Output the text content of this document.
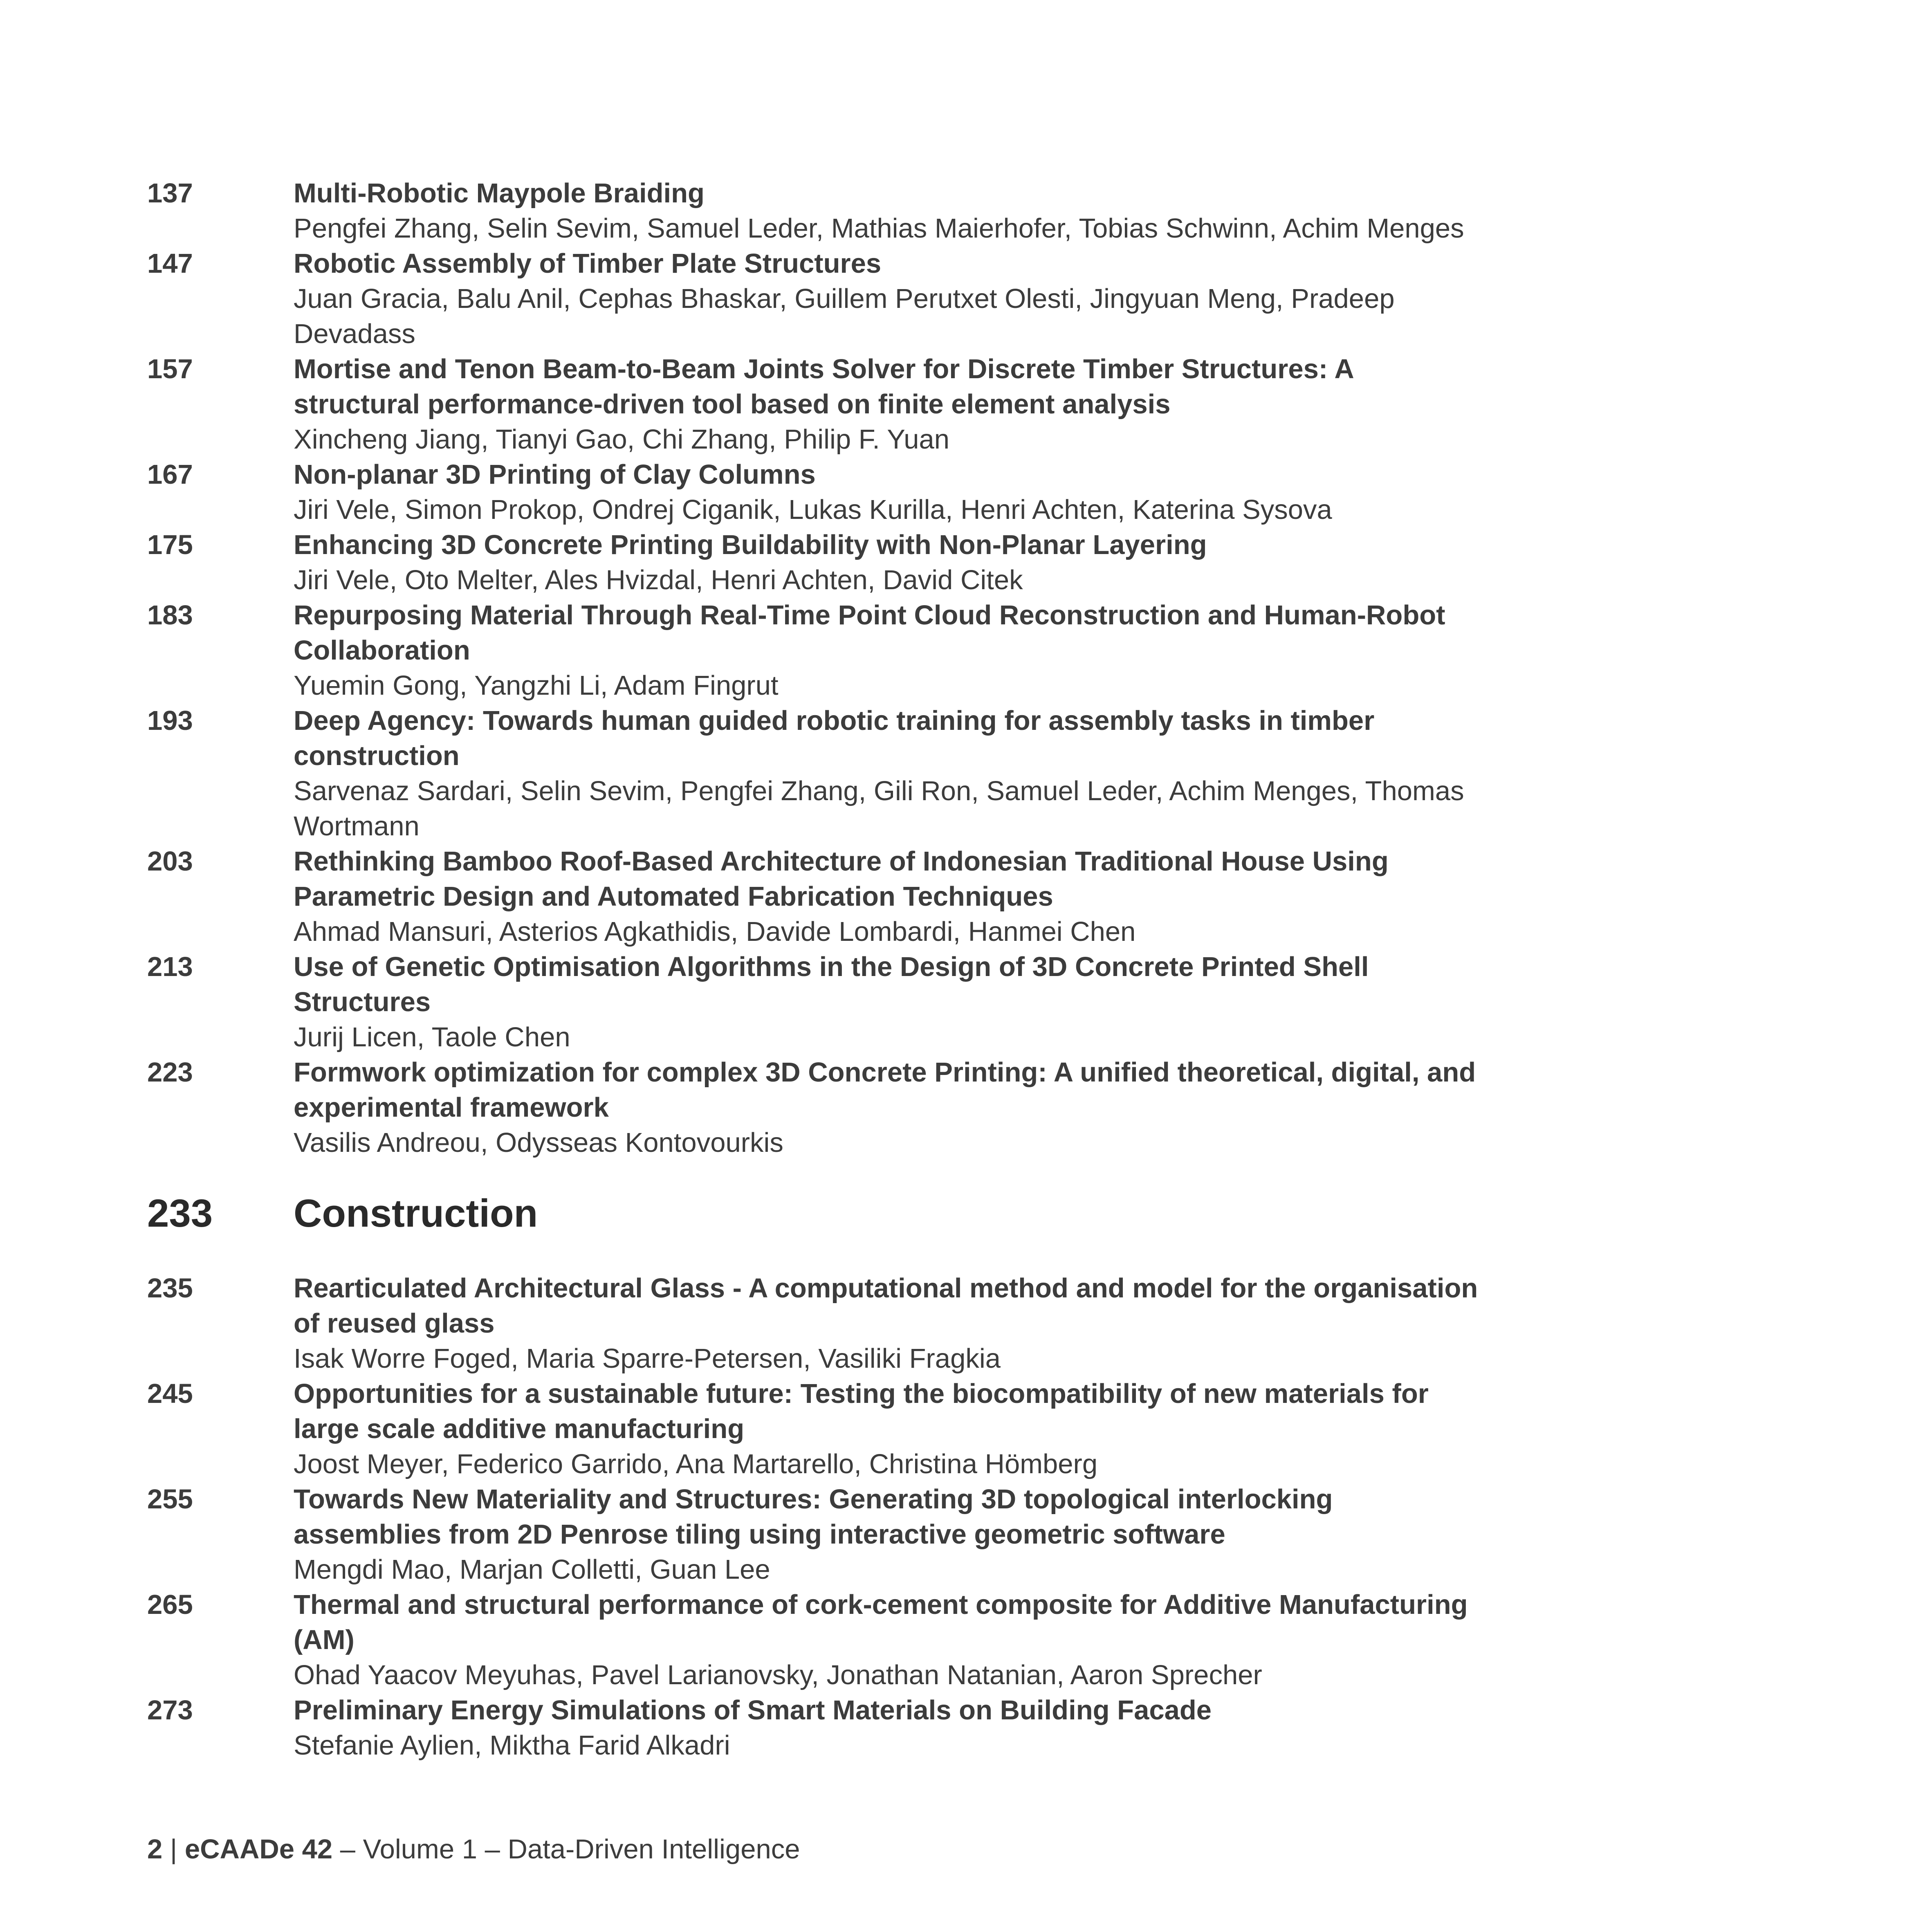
137	Multi-Robotic Maypole Braiding
Pengfei Zhang, Selin Sevim, Samuel Leder, Mathias Maierhofer, Tobias Schwinn, Achim Menges
147	Robotic Assembly of Timber Plate Structures
Juan Gracia, Balu Anil, Cephas Bhaskar, Guillem Perutxet Olesti, Jingyuan Meng, Pradeep Devadass
157	Mortise and Tenon Beam-to-Beam Joints Solver for Discrete Timber Structures: A structural performance-driven tool based on finite element analysis
Xincheng Jiang, Tianyi Gao, Chi Zhang, Philip F. Yuan
167	Non-planar 3D Printing of Clay Columns
Jiri Vele, Simon Prokop, Ondrej Ciganik, Lukas Kurilla, Henri Achten, Katerina Sysova
175	Enhancing 3D Concrete Printing Buildability with Non-Planar Layering
Jiri Vele, Oto Melter, Ales Hvizdal, Henri Achten, David Citek
183	Repurposing Material Through Real-Time Point Cloud Reconstruction and Human-Robot Collaboration
Yuemin Gong, Yangzhi Li, Adam Fingrut
193	Deep Agency: Towards human guided robotic training for assembly tasks in timber construction
Sarvenaz Sardari, Selin Sevim, Pengfei Zhang, Gili Ron, Samuel Leder, Achim Menges, Thomas Wortmann
203	Rethinking Bamboo Roof-Based Architecture of Indonesian Traditional House Using Parametric Design and Automated Fabrication Techniques
Ahmad Mansuri, Asterios Agkathidis, Davide Lombardi, Hanmei Chen
213	Use of Genetic Optimisation Algorithms in the Design of 3D Concrete Printed Shell Structures
Jurij Licen, Taole Chen
223	Formwork optimization for complex 3D Concrete Printing: A unified theoretical, digital, and experimental framework
Vasilis Andreou, Odysseas Kontovourkis
233	Construction
235	Rearticulated Architectural Glass - A computational method and model for the organisation of reused glass
Isak Worre Foged, Maria Sparre-Petersen, Vasiliki Fragkia
245	Opportunities for a sustainable future: Testing the biocompatibility of new materials for large scale additive manufacturing
Joost Meyer, Federico Garrido, Ana Martarello, Christina Hömberg
255	Towards New Materiality and Structures: Generating 3D topological interlocking assemblies from 2D Penrose tiling using interactive geometric software
Mengdi Mao, Marjan Colletti, Guan Lee
265	Thermal and structural performance of cork-cement composite for Additive Manufacturing (AM)
Ohad Yaacov Meyuhas, Pavel Larianovsky, Jonathan Natanian, Aaron Sprecher
273	Preliminary Energy Simulations of Smart Materials on Building Facade
Stefanie Aylien, Miktha Farid Alkadri
2 | eCAADe 42 – Volume 1 – Data-Driven Intelligence
